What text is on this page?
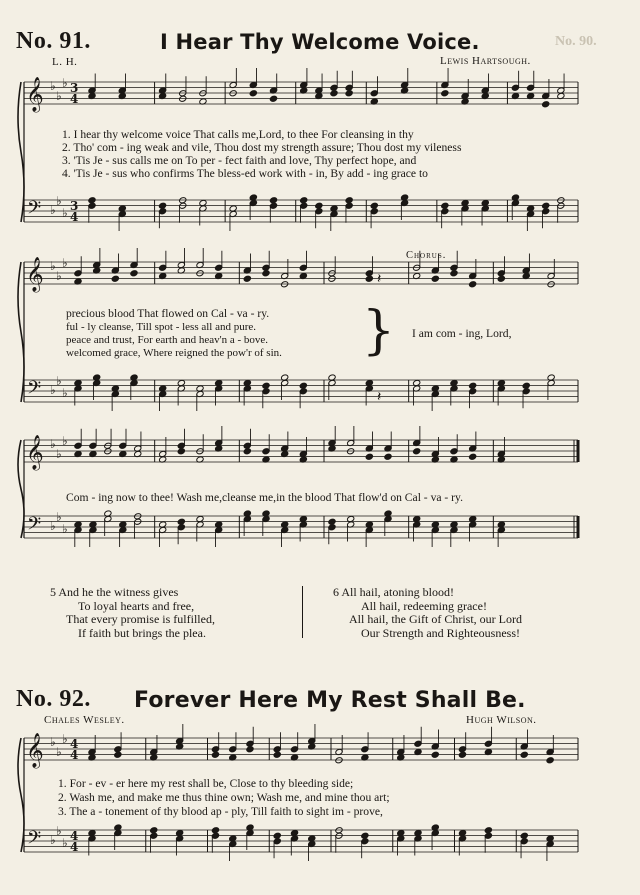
No. 91.	I Hear Thy Welcome Voice.	No. 90.
L. H.	Lewis Hartsough.
𝄞
𝄢
♭
♭
♭
♭
♭
♭
3
4
3
4
𝄞
𝄢
♭
♭
♭
♭
♭
♭
𝄞
𝄢
♭
♭
♭
♭
♭
♭
𝄞
𝄢
♭
♭
♭
♭
♭
♭
4
4
4
4
𝄽
𝄽
1. I hear thy welcome voice That calls me,Lord, to thee For cleansing in thy
2. Tho' com - ing weak and vile, Thou dost my strength assure; Thou dost my vileness
3. 'Tis Je - sus calls me on To per - fect faith and love, Thy perfect hope, and
4. 'Tis Je - sus who confirms The bless-ed work with - in, By add - ing grace to
Chorus.
precious blood That flowed on Cal - va - ry.
ful - ly cleanse, Till spot - less all and pure.
peace and trust, For earth and heav'n a - bove.
welcomed grace, Where reigned the pow'r of sin. } I am com - ing, Lord,
Com - ing now to thee! Wash me,cleanse me,in the blood That flow'd on Cal - va - ry.
5 And he the witness gives
To loyal hearts and free,
That every promise is fulfilled,
If faith but brings the plea.
6 All hail, atoning blood!
All hail, redeeming grace!
All hail, the Gift of Christ, our Lord
Our Strength and Righteousness!
No. 92. Forever Here My Rest Shall Be.
Chales Wesley.	Hugh Wilson.
1. For - ev - er here my rest shall be, Close to thy bleeding side;
2. Wash me, and make me thus thine own; Wash me, and mine thou art;
3. The a - tonement of thy blood ap - ply, Till faith to sight im - prove,
